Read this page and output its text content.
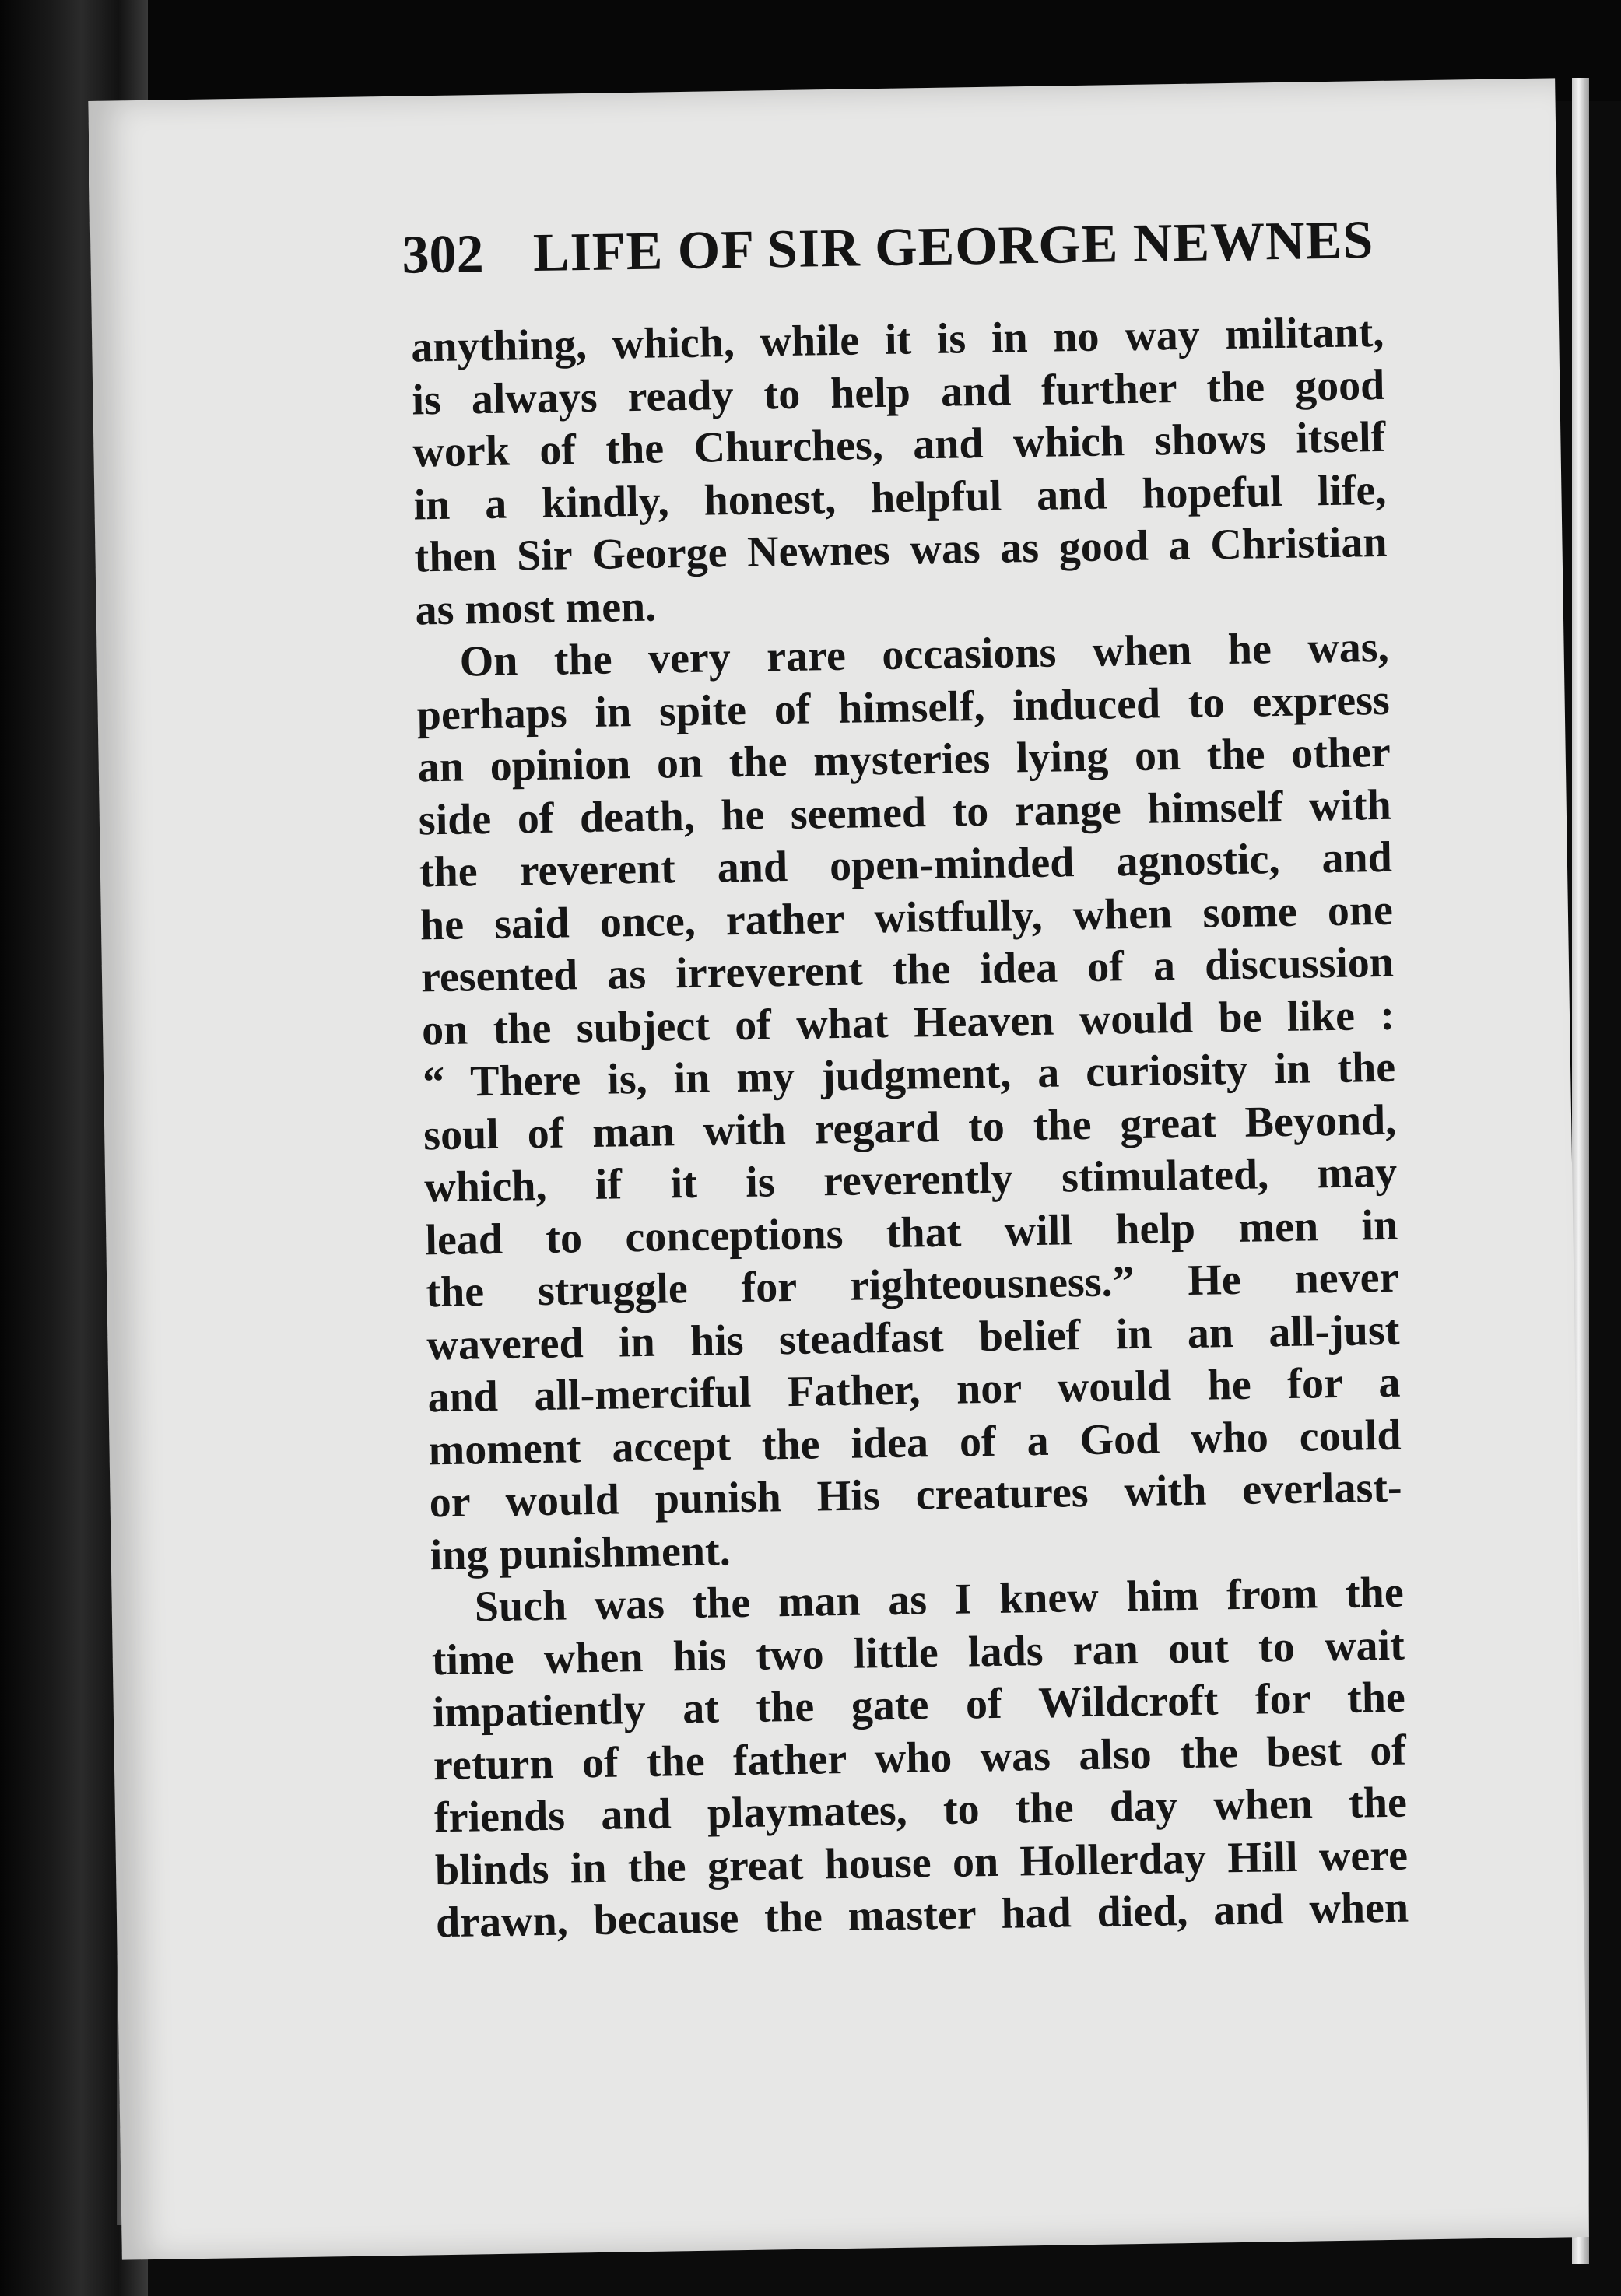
302 LIFE OF SIR GEORGE NEWNES
anything, which, while it is in no way militant,
is always ready to help and further the good
work of the Churches, and which shows itself
in a kindly, honest, helpful and hopeful life,
then Sir George Newnes was as good a Christian
as most men.
On the very rare occasions when he was,
perhaps in spite of himself, induced to express
an opinion on the mysteries lying on the other
side of death, he seemed to range himself with
the reverent and open-minded agnostic, and
he said once, rather wistfully, when some one
resented as irreverent the idea of a discussion
on the subject of what Heaven would be like :
“ There is, in my judgment, a curiosity in the
soul of man with regard to the great Beyond,
which, if it is reverently stimulated, may
lead to conceptions that will help men in
the struggle for righteousness.” He never
wavered in his steadfast belief in an all-just
and all-merciful Father, nor would he for a
moment accept the idea of a God who could
or would punish His creatures with everlast-
ing punishment.
Such was the man as I knew him from the
time when his two little lads ran out to wait
impatiently at the gate of Wildcroft for the
return of the father who was also the best of
friends and playmates, to the day when the
blinds in the great house on Hollerday Hill were
drawn, because the master had died, and when
